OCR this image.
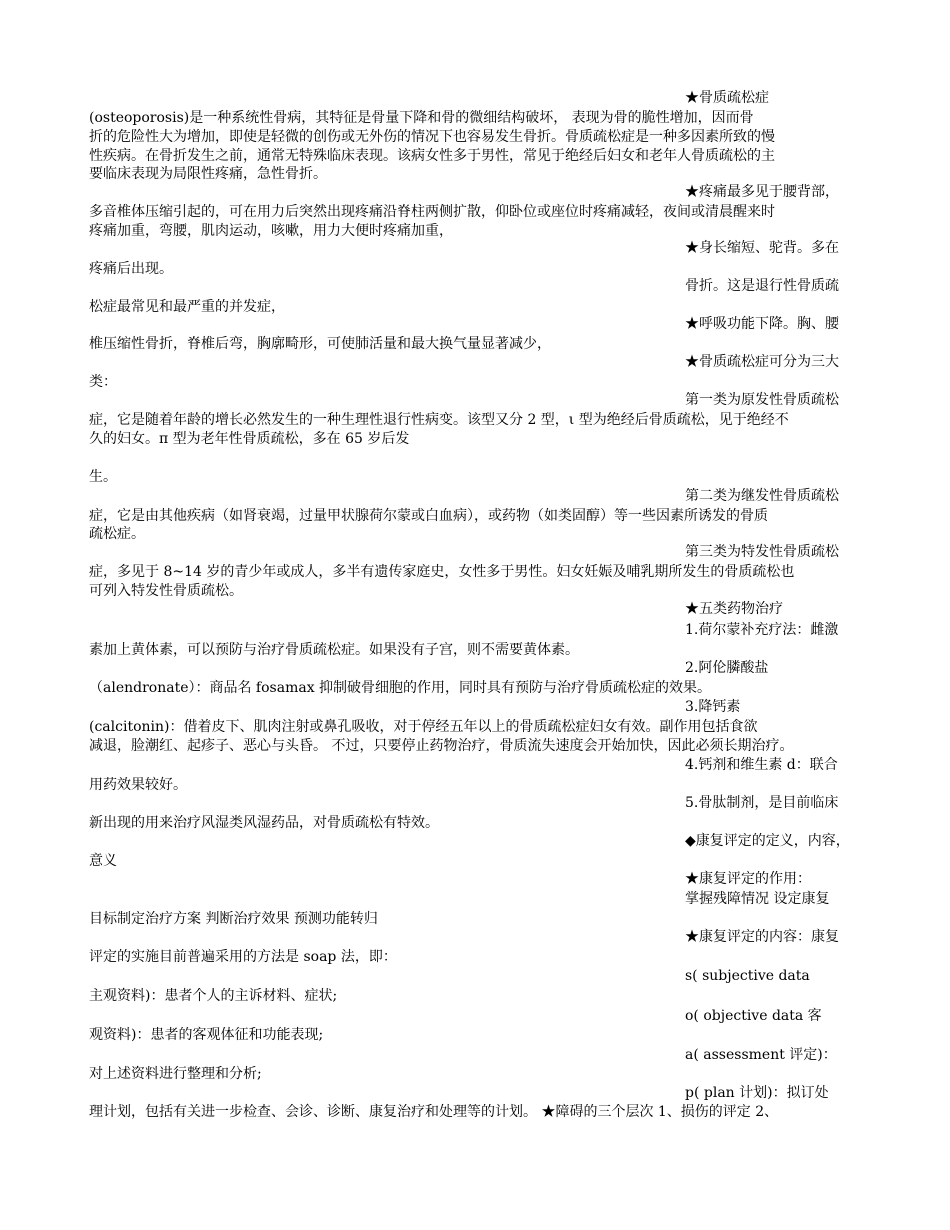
★骨质疏松症
(osteoporosis)是一种系统性骨病，其特征是骨量下降和骨的微细结构破坏， 表现为骨的脆性增加，因而骨
折的危险性大为增加，即使是轻微的创伤或无外伤的情况下也容易发生骨折。骨质疏松症是一种多因素所致的慢
性疾病。在骨折发生之前，通常无特殊临床表现。该病女性多于男性，常见于绝经后妇女和老年人骨质疏松的主
要临床表现为局限性疼痛，急性骨折。
★疼痛最多见于腰背部，
多音椎体压缩引起的，可在用力后突然出现疼痛沿脊柱两侧扩散，仰卧位或座位时疼痛减轻，夜间或清晨醒来时
疼痛加重，弯腰，肌肉运动，咳嗽，用力大便时疼痛加重，
★身长缩短、驼背。多在
疼痛后出现。
骨折。这是退行性骨质疏
松症最常见和最严重的并发症，
★呼吸功能下降。胸、腰
椎压缩性骨折，脊椎后弯，胸廓畸形，可使肺活量和最大换气量显著减少，
★骨质疏松症可分为三大
类：
第一类为原发性骨质疏松
症，它是随着年龄的增长必然发生的一种生理性退行性病变。该型又分 2 型，ι 型为绝经后骨质疏松，见于绝经不
久的妇女。π 型为老年性骨质疏松，多在 65 岁后发
生。
第二类为继发性骨质疏松
症，它是由其他疾病（如肾衰竭，过量甲状腺荷尔蒙或白血病），或药物（如类固醇）等一些因素所诱发的骨质
疏松症。
第三类为特发性骨质疏松
症，多见于 8~14 岁的青少年或成人，多半有遗传家庭史，女性多于男性。妇女妊娠及哺乳期所发生的骨质疏松也
可列入特发性骨质疏松。
★五类药物治疗
1.荷尔蒙补充疗法：雌激
素加上黄体素，可以预防与治疗骨质疏松症。如果没有子宫，则不需要黄体素。
2.阿伦膦酸盐
（alendronate）：商品名 fosamax 抑制破骨细胞的作用，同时具有预防与治疗骨质疏松症的效果。
3.降钙素
(calcitonin)：借着皮下、肌肉注射或鼻孔吸收，对于停经五年以上的骨质疏松症妇女有效。副作用包括食欲
减退，脸潮红、起疹子、恶心与头昏。 不过，只要停止药物治疗，骨质流失速度会开始加快，因此必须长期治疗。
4.钙剂和维生素 d：联合
用药效果较好。
5.骨肽制剂，是目前临床
新出现的用来治疗风湿类风湿药品，对骨质疏松有特效。
◆康复评定的定义，内容，
意义
★康复评定的作用：
掌握残障情况 设定康复
目标制定治疗方案 判断治疗效果 预测功能转归
★康复评定的内容：康复
评定的实施目前普遍采用的方法是 soap 法，即：
s( subjective data
主观资料)：患者个人的主诉材料、症状;
o( objective data 客
观资料)：患者的客观体征和功能表现;
a( assessment 评定)：
对上述资料进行整理和分析;
p( plan 计划)：拟订处
理计划，包括有关进一步检查、会诊、诊断、康复治疗和处理等的计划。 ★障碍的三个层次 1、损伤的评定 2、
